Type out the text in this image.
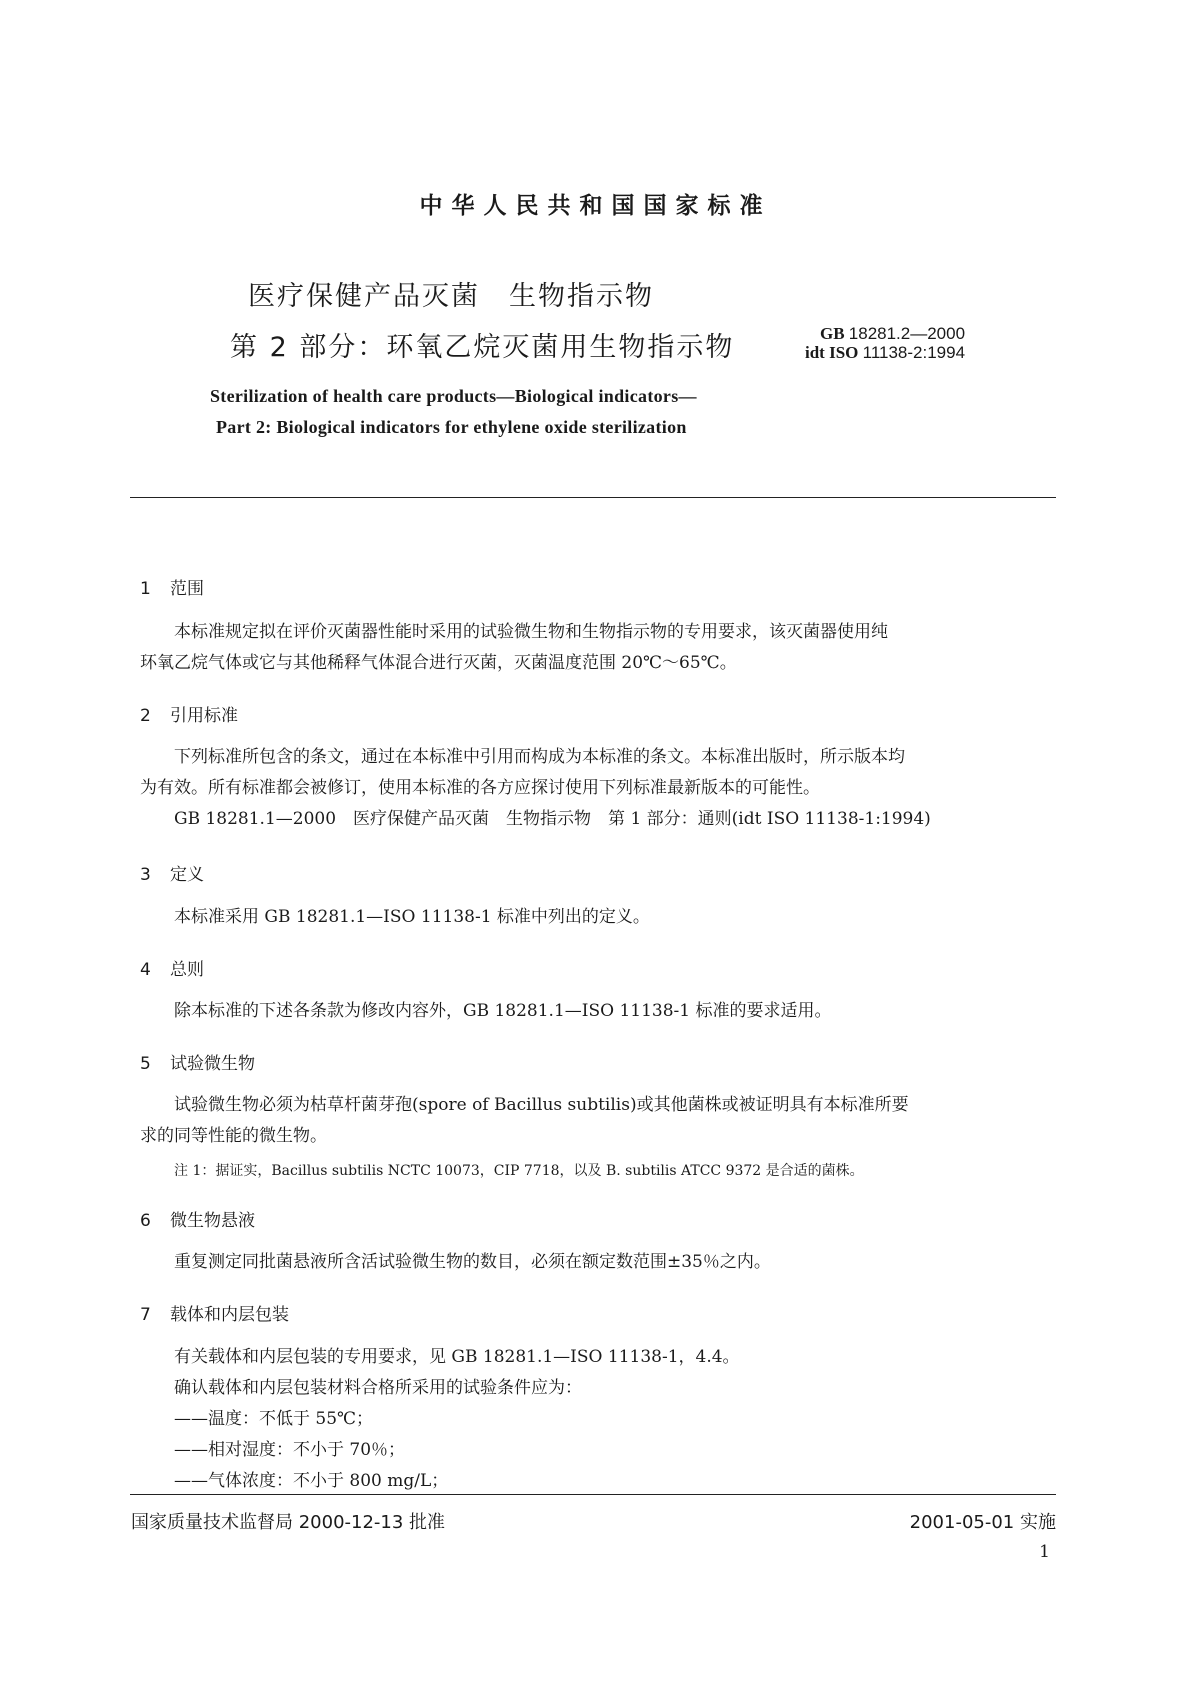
中华人民共和国国家标准
医疗保健产品灭菌　生物指示物
第 2 部分：环氧乙烷灭菌用生物指示物	GB 18281.2—2000
idt ISO 11138-2:1994
Sterilization of health care products—Biological indicators—
Part 2: Biological indicators for ethylene oxide sterilization
1 范围
本标准规定拟在评价灭菌器性能时采用的试验微生物和生物指示物的专用要求，该灭菌器使用纯
环氧乙烷气体或它与其他稀释气体混合进行灭菌，灭菌温度范围 20℃～65℃。
2 引用标准
下列标准所包含的条文，通过在本标准中引用而构成为本标准的条文。本标准出版时，所示版本均
为有效。所有标准都会被修订，使用本标准的各方应探讨使用下列标准最新版本的可能性。
GB 18281.1—2000　医疗保健产品灭菌　生物指示物　第 1 部分：通则(idt ISO 11138-1:1994)
3 定义
本标准采用 GB 18281.1—ISO 11138-1 标准中列出的定义。
4 总则
除本标准的下述各条款为修改内容外，GB 18281.1—ISO 11138-1 标准的要求适用。
5 试验微生物
试验微生物必须为枯草杆菌芽孢(spore of Bacillus subtilis)或其他菌株或被证明具有本标准所要
求的同等性能的微生物。
注 1：据证实，Bacillus subtilis NCTC 10073，CIP 7718，以及 B. subtilis ATCC 9372 是合适的菌株。
6 微生物悬液
重复测定同批菌悬液所含活试验微生物的数目，必须在额定数范围±35％之内。
7 载体和内层包装
有关载体和内层包装的专用要求，见 GB 18281.1—ISO 11138-1，4.4。
确认载体和内层包装材料合格所采用的试验条件应为：
——温度：不低于 55℃；
——相对湿度：不小于 70％；
——气体浓度：不小于 800 mg/L；
国家质量技术监督局 2000-12-13 批准	2001-05-01 实施
1
